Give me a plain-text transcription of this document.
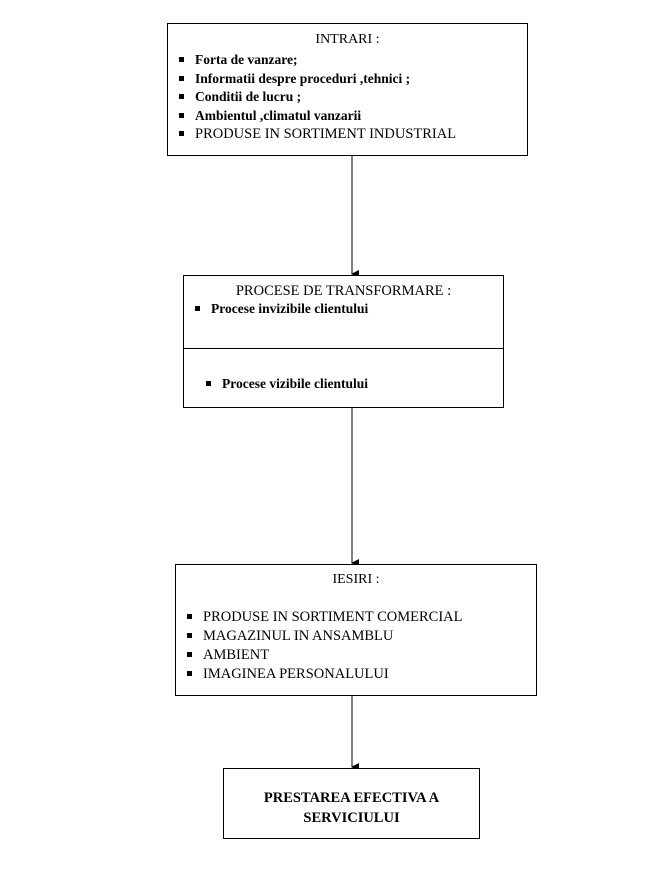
INTRARI :
Forta de vanzare;
Informatii despre proceduri ,tehnici ;
Conditii de lucru ;
Ambientul ,climatul vanzarii
PRODUSE IN SORTIMENT INDUSTRIAL
PROCESE DE TRANSFORMARE :
Procese invizibile clientului
Procese vizibile clientului
IESIRI :
PRODUSE IN SORTIMENT COMERCIAL
MAGAZINUL IN ANSAMBLU
AMBIENT
IMAGINEA PERSONALULUI
PRESTAREA EFECTIVA A SERVICIULUI
